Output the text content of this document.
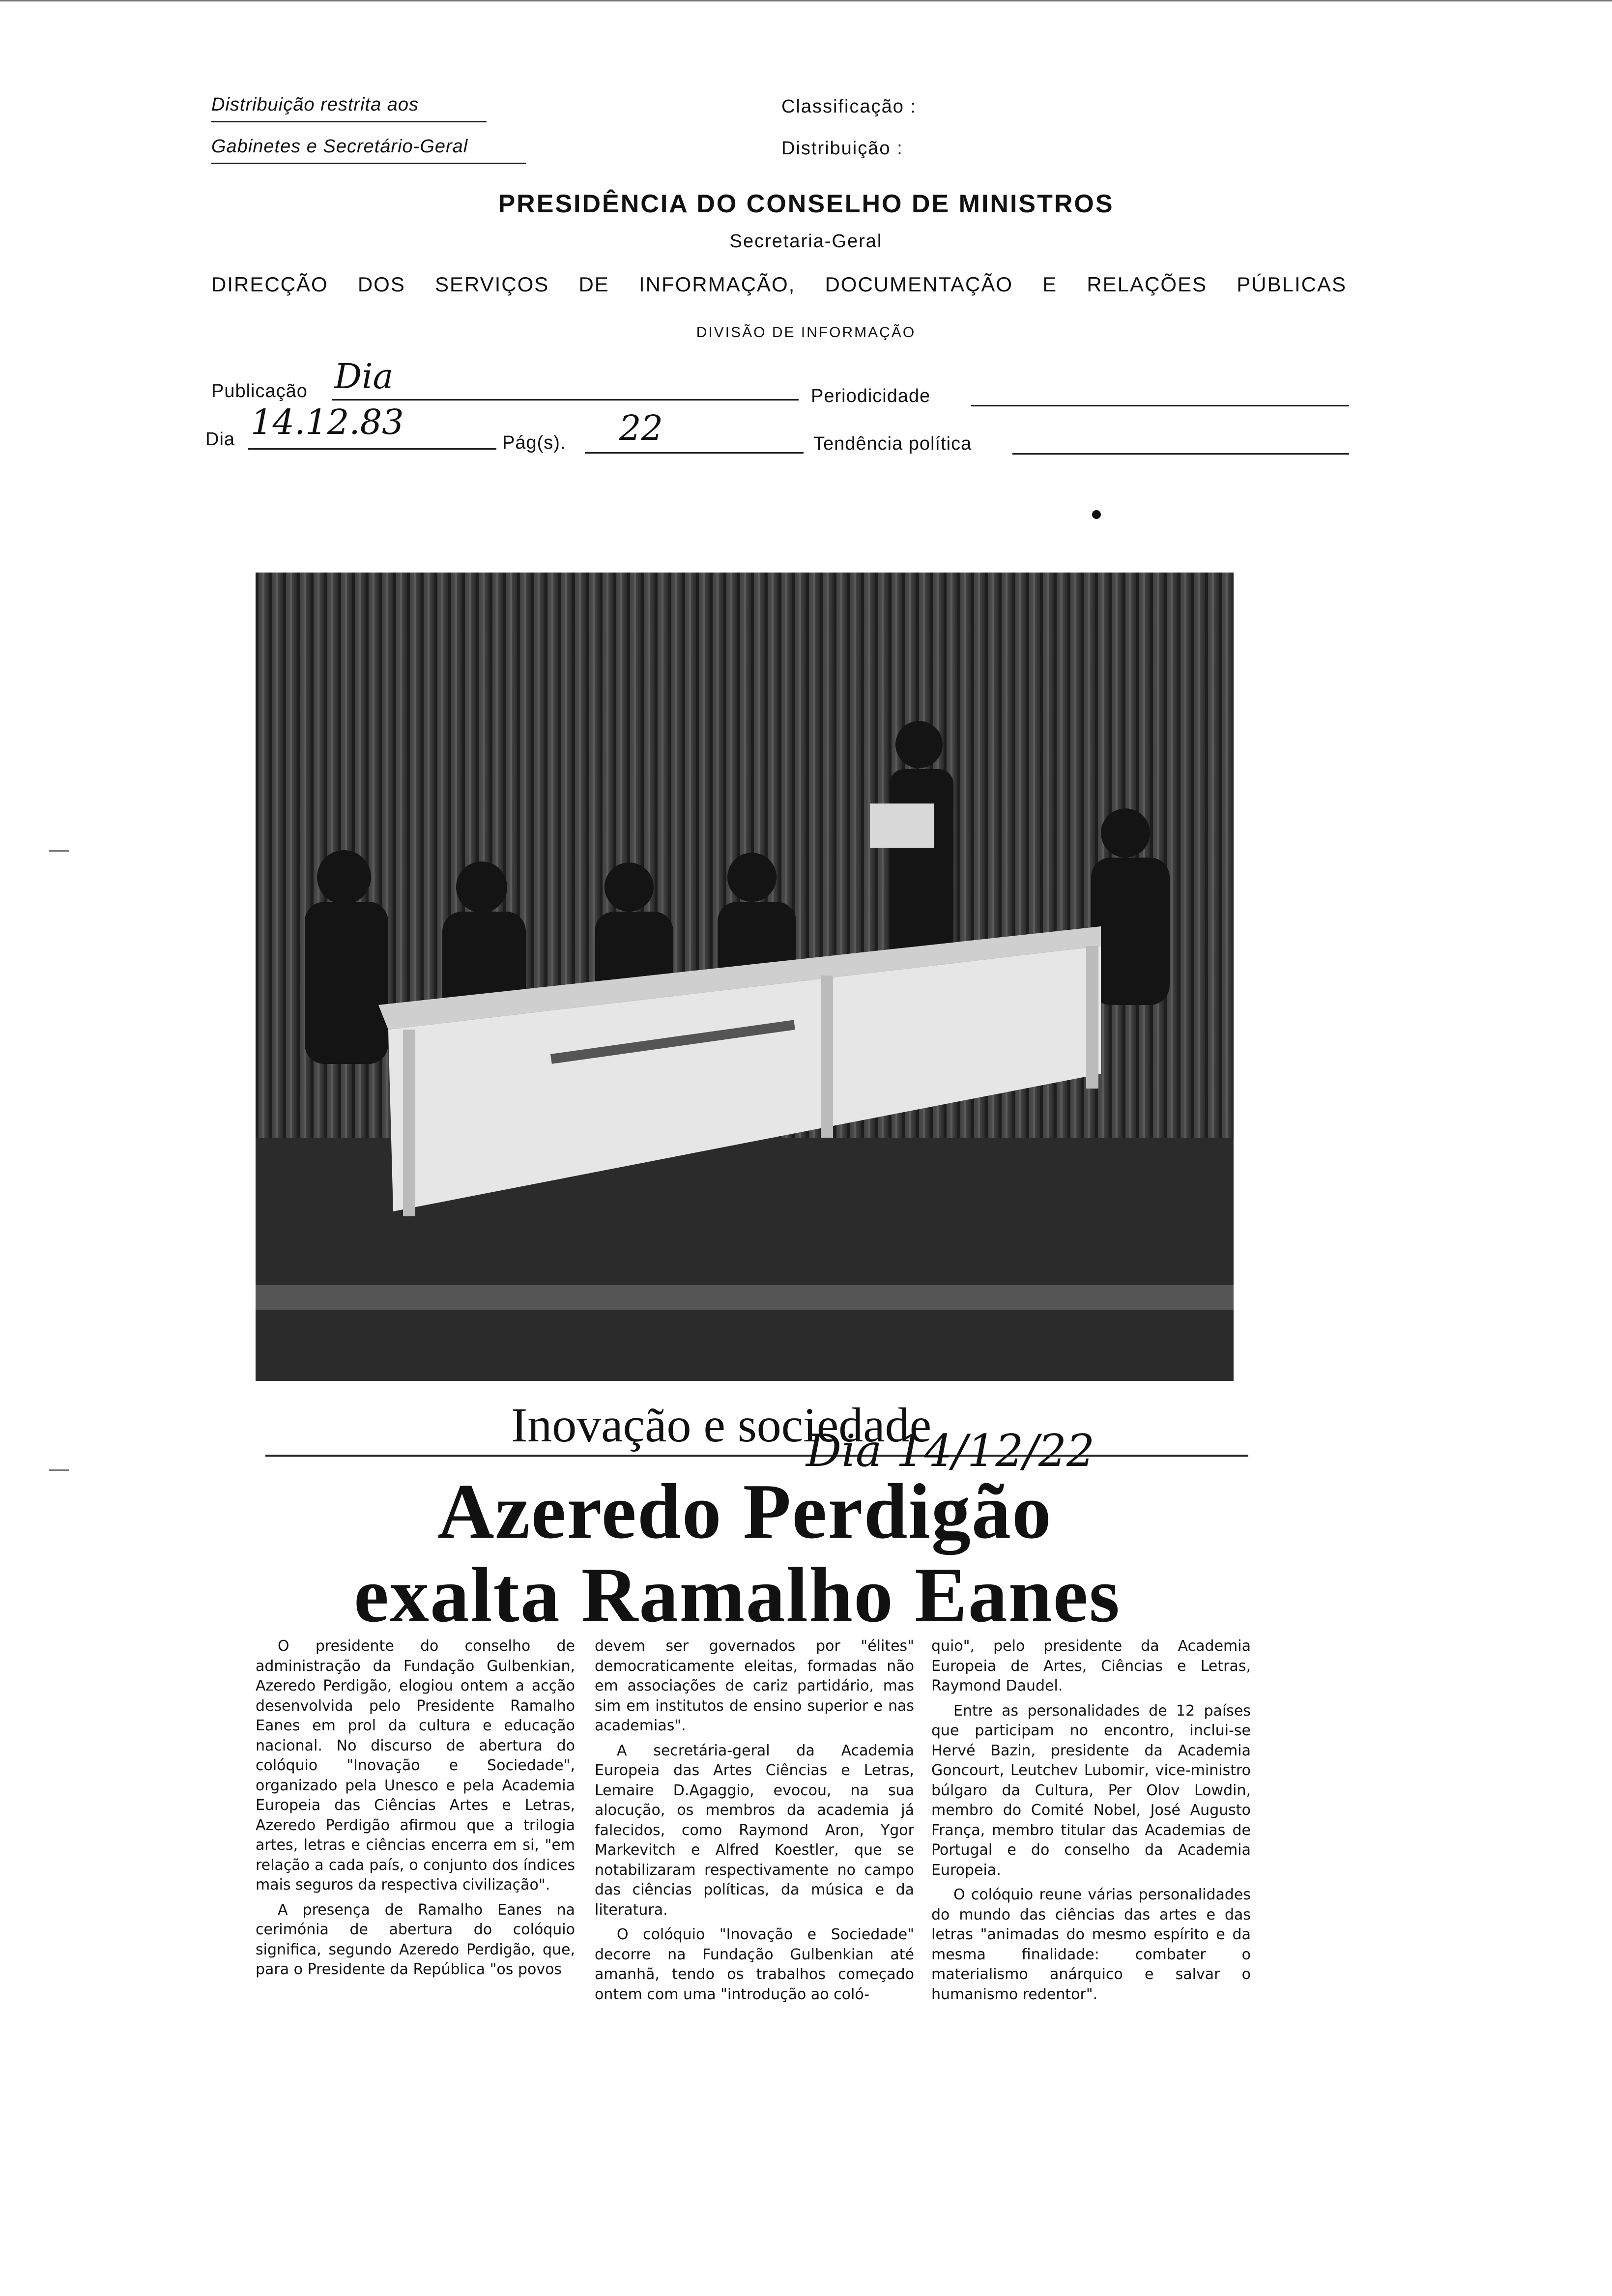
Distribuição restrita aos
Gabinetes e Secretário-Geral
Classificação :
Distribuição :
PRESIDÊNCIA DO CONSELHO DE MINISTROS
Secretaria-Geral
DIRECÇÃO DOS SERVIÇOS DE INFORMAÇÃO, DOCUMENTAÇÃO E RELAÇÕES PÚBLICAS
DIVISÃO DE INFORMAÇÃO
Publicação Dia	Periodicidade
Dia 14.12.83
Pág(s). 22	Tendência política
Inovação e sociedade
Dia 14/12/22
Azeredo Perdigão
exalta Ramalho Eanes

O presidente do conselho de administração da Fundação Gulbenkian, Azeredo Perdigão, elogiou ontem a acção desenvolvida pelo Presidente Ramalho Eanes em prol da cultura e educação nacional. No discurso de abertura do colóquio "Inovação e Sociedade", organizado pela Unesco e pela Academia Europeia das Ciências Artes e Letras, Azeredo Perdigão afirmou que a trilogia artes, letras e ciências encerra em si, "em relação a cada país, o conjunto dos índices mais seguros da respectiva civilização".

A presença de Ramalho Eanes na cerimónia de abertura do colóquio significa, segundo Azeredo Perdigão, que, para o Presidente da República "os povos

devem ser governados por "élites" democraticamente eleitas, formadas não em associações de cariz partidário, mas sim em institutos de ensino superior e nas academias".

A secretária-geral da Academia Europeia das Artes Ciências e Letras, Lemaire D.Agaggio, evocou, na sua alocução, os membros da academia já falecidos, como Raymond Aron, Ygor Markevitch e Alfred Koestler, que se notabilizaram respectivamente no campo das ciências políticas, da música e da literatura.

O colóquio "Inovação e Sociedade" decorre na Fundação Gulbenkian até amanhã, tendo os trabalhos começado ontem com uma "introdução ao coló-

quio", pelo presidente da Academia Europeia de Artes, Ciências e Letras, Raymond Daudel.

Entre as personalidades de 12 países que participam no encontro, inclui-se Hervé Bazin, presidente da Academia Goncourt, Leutchev Lubomir, vice-ministro búlgaro da Cultura, Per Olov Lowdin, membro do Comité Nobel, José Augusto França, membro titular das Academias de Portugal e do conselho da Academia Europeia.

O colóquio reune várias personalidades do mundo das ciências das artes e das letras "animadas do mesmo espírito e da mesma finalidade: combater o materialismo anárquico e salvar o humanismo redentor".
